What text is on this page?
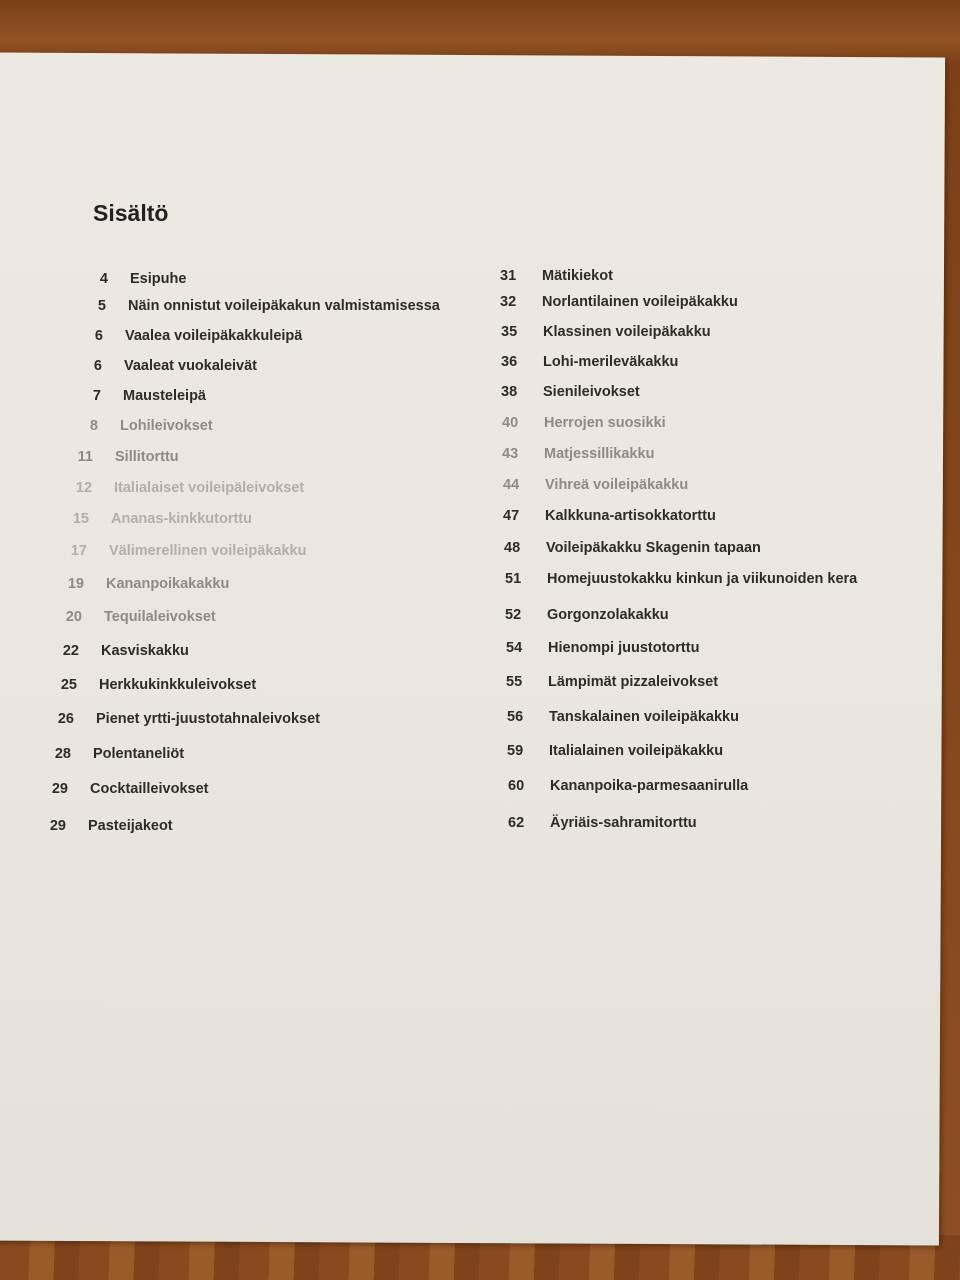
Sisältö
4 Esipuhe
5 Näin onnistut voileipäkakun valmistamisessa
6 Vaalea voileipäkakkuleipä
6 Vaaleat vuokaleivät
7 Mausteleipä
8 Lohileivokset
11 Sillitorttu
12 Italialaiset voileipäleivokset
15 Ananas-kinkkutorttu
17 Välimerellinen voileipäkakku
19 Kananpoikakakku
20 Tequilaleivokset
22 Kasviskakku
25 Herkkukinkkuleivokset
26 Pienet yrtti-juustotahnaleivokset
28 Polentaneliöt
29 Cocktailleivokset
29 Pasteijakeot
31 Mätikiekot
32 Norlantilainen voileipäkakku
35 Klassinen voileipäkakku
36 Lohi-merileväkakku
38 Sienileivokset
40 Herrojen suosikki
43 Matjessillikakku
44 Vihreä voileipäkakku
47 Kalkkuna-artisokkatorttu
48 Voileipäkakku Skagenin tapaan
51 Homejuustokakku kinkun ja viikunoiden kera
52 Gorgonzolakakku
54 Hienompi juustotorttu
55 Lämpimät pizzaleivokset
56 Tanskalainen voileipäkakku
59 Italialainen voileipäkakku
60 Kananpoika-parmesaanirulla
62 Äyriäis-sahramitorttu
